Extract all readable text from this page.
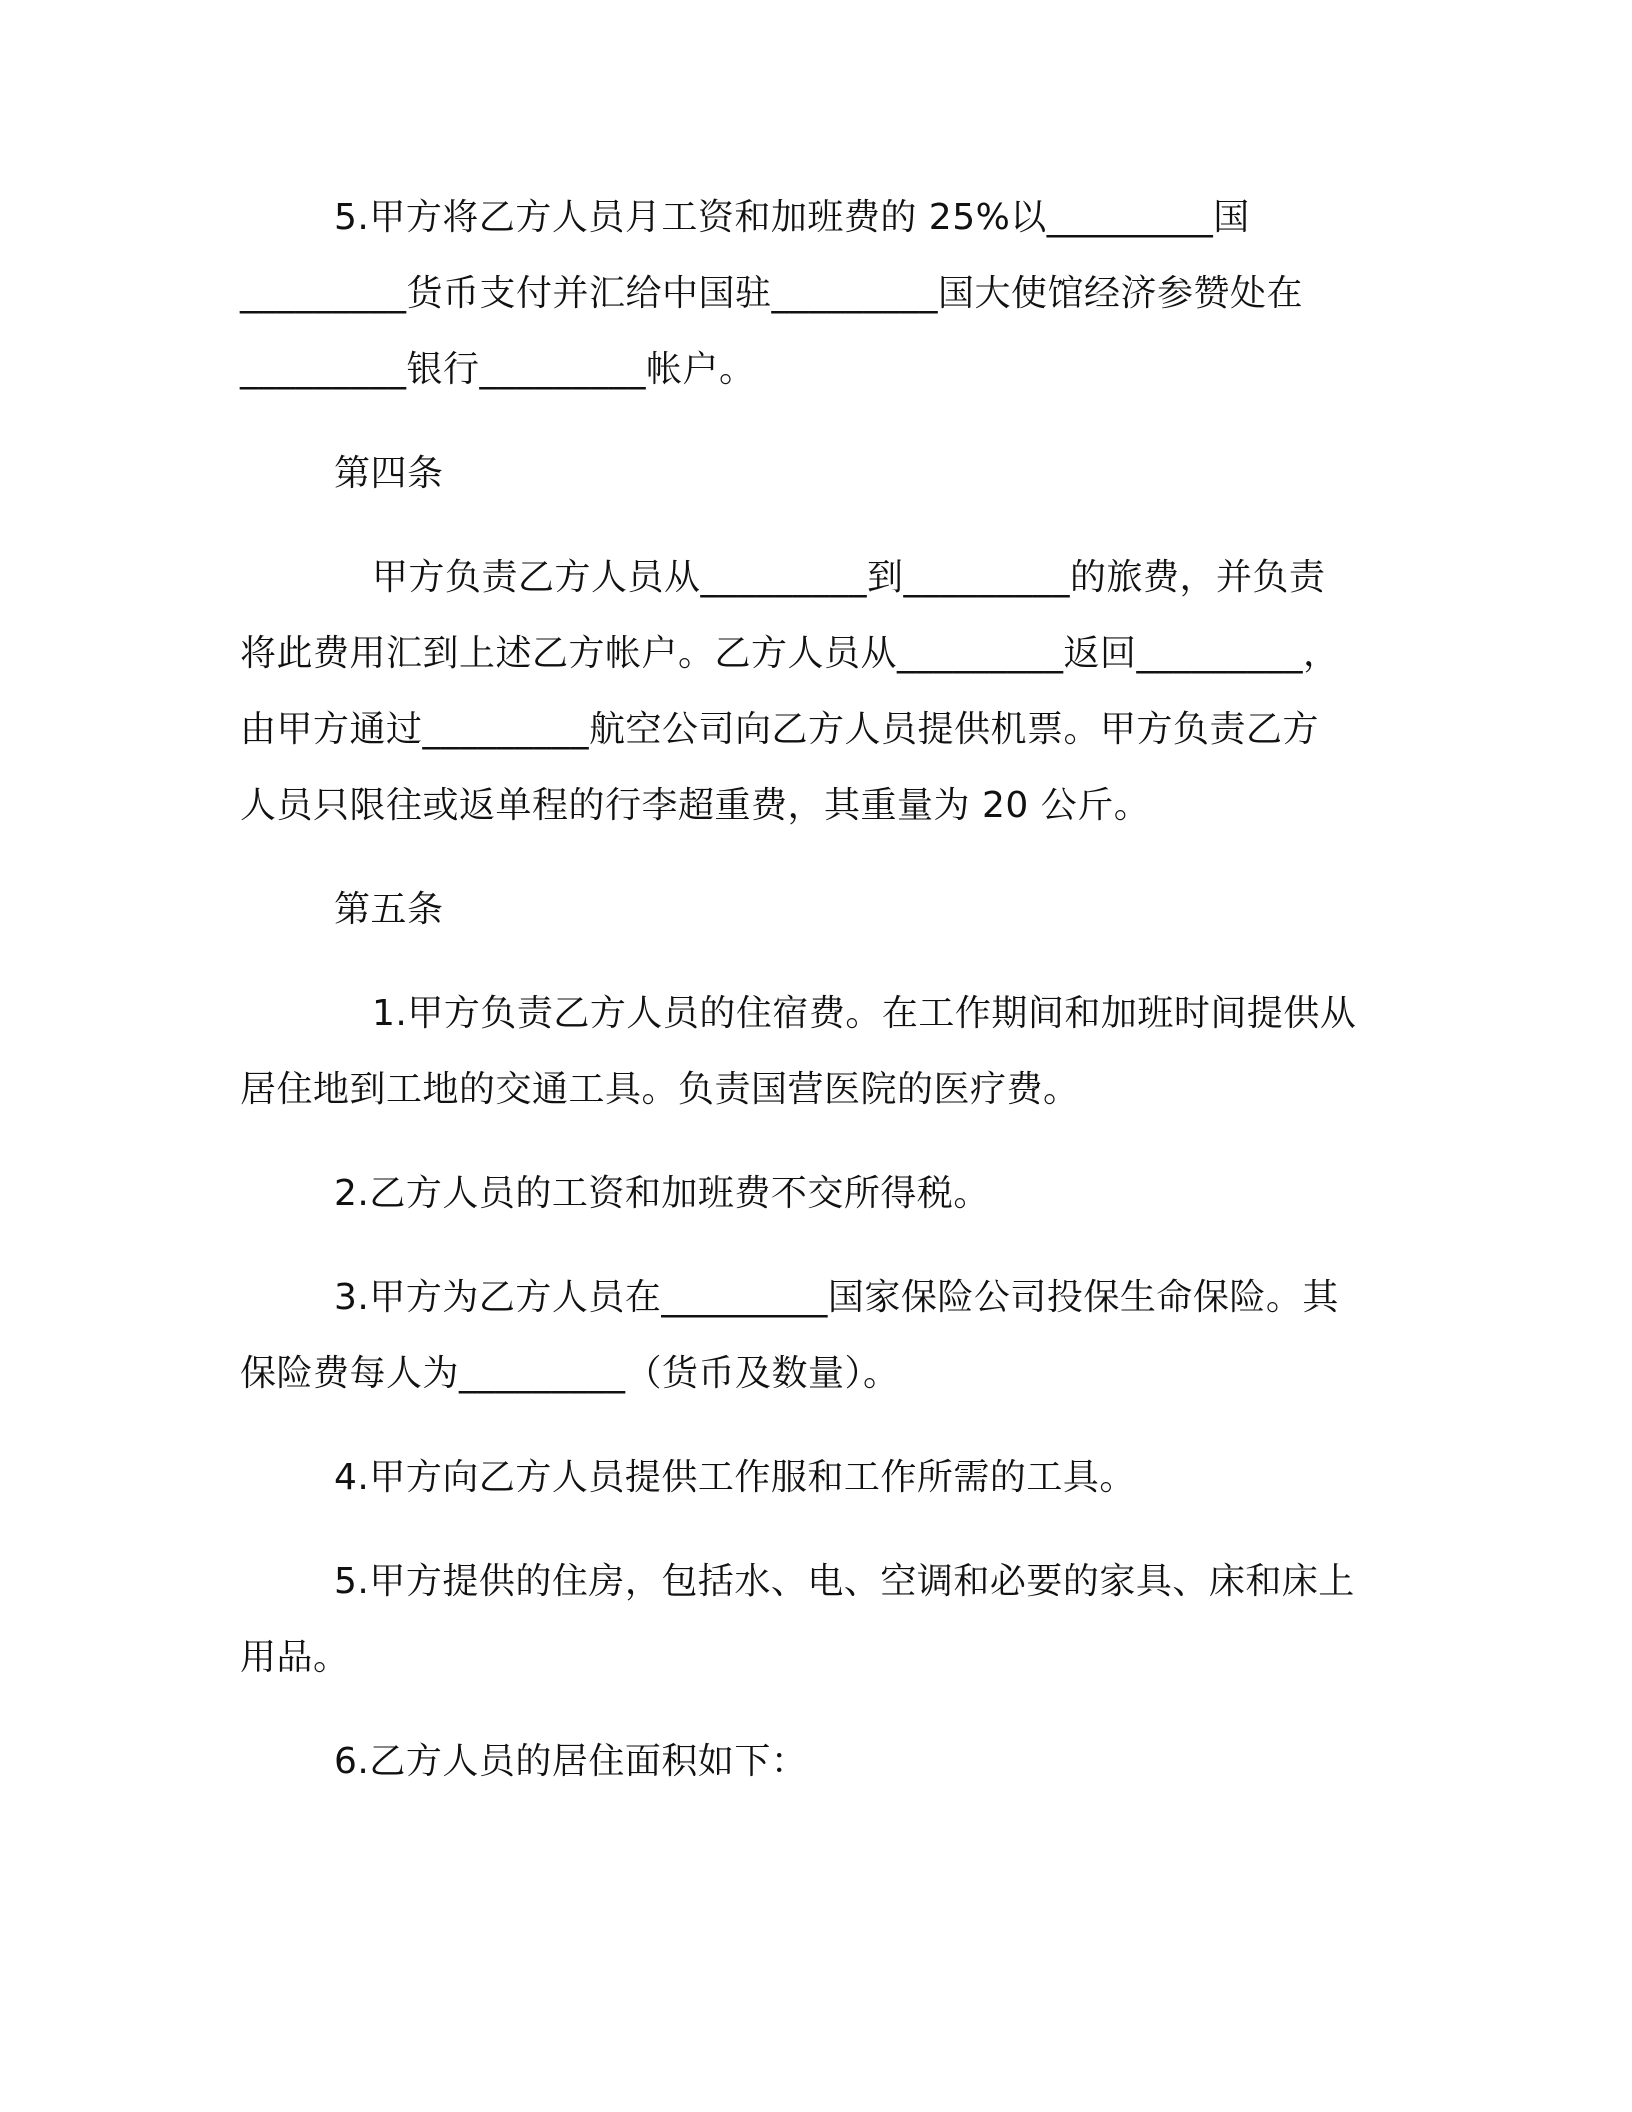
5.甲方将乙方人员月工资和加班费的 25%以_________国
_________货币支付并汇给中国驻_________国大使馆经济参赞处在
_________银行_________帐户。
第四条
甲方负责乙方人员从_________到_________的旅费，并负责
将此费用汇到上述乙方帐户。乙方人员从_________返回_________，
由甲方通过_________航空公司向乙方人员提供机票。甲方负责乙方
人员只限往或返单程的行李超重费，其重量为 20 公斤。
第五条
1.甲方负责乙方人员的住宿费。在工作期间和加班时间提供从
居住地到工地的交通工具。负责国营医院的医疗费。
2.乙方人员的工资和加班费不交所得税。
3.甲方为乙方人员在_________国家保险公司投保生命保险。其
保险费每人为_________（货币及数量）。
4.甲方向乙方人员提供工作服和工作所需的工具。
5.甲方提供的住房，包括水、电、空调和必要的家具、床和床上
用品。
6.乙方人员的居住面积如下：
